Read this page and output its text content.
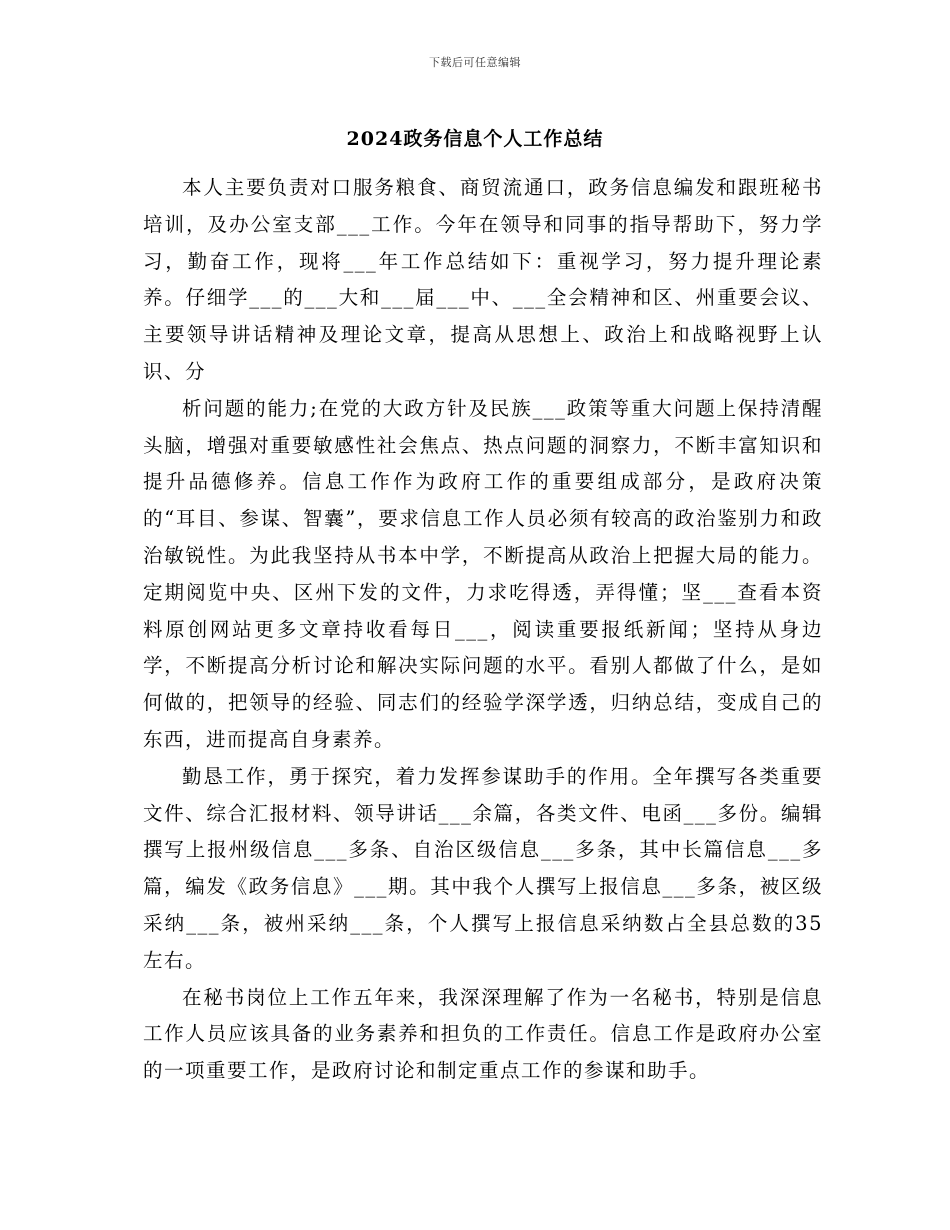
下载后可任意编辑
2024政务信息个人工作总结

本人主要负责对口服务粮食、商贸流通口，政务信息编发和跟班秘书培训，及办公室支部___工作。今年在领导和同事的指导帮助下，努力学习，勤奋工作，现将___年工作总结如下：重视学习，努力提升理论素养。仔细学___的___大和___届___中、___全会精神和区、州重要会议、主要领导讲话精神及理论文章，提高从思想上、政治上和战略视野上认识、分

析问题的能力;在党的大政方针及民族___政策等重大问题上保持清醒头脑，增强对重要敏感性社会焦点、热点问题的洞察力，不断丰富知识和提升品德修养。信息工作作为政府工作的重要组成部分，是政府决策的“耳目、参谋、智囊”，要求信息工作人员必须有较高的政治鉴别力和政治敏锐性。为此我坚持从书本中学，不断提高从政治上把握大局的能力。定期阅览中央、区州下发的文件，力求吃得透，弄得懂；坚___查看本资料原创网站更多文章持收看每日___，阅读重要报纸新闻；坚持从身边学，不断提高分析讨论和解决实际问题的水平。看别人都做了什么，是如何做的，把领导的经验、同志们的经验学深学透，归纳总结，变成自己的东西，进而提高自身素养。

勤恳工作，勇于探究，着力发挥参谋助手的作用。全年撰写各类重要文件、综合汇报材料、领导讲话___余篇，各类文件、电函___多份。编辑撰写上报州级信息___多条、自治区级信息___多条，其中长篇信息___多篇，编发《政务信息》___期。其中我个人撰写上报信息___多条，被区级采纳___条，被州采纳___条，个人撰写上报信息采纳数占全县总数的35左右。

在秘书岗位上工作五年来，我深深理解了作为一名秘书，特别是信息工作人员应该具备的业务素养和担负的工作责任。信息工作是政府办公室的一项重要工作，是政府讨论和制定重点工作的参谋和助手。
